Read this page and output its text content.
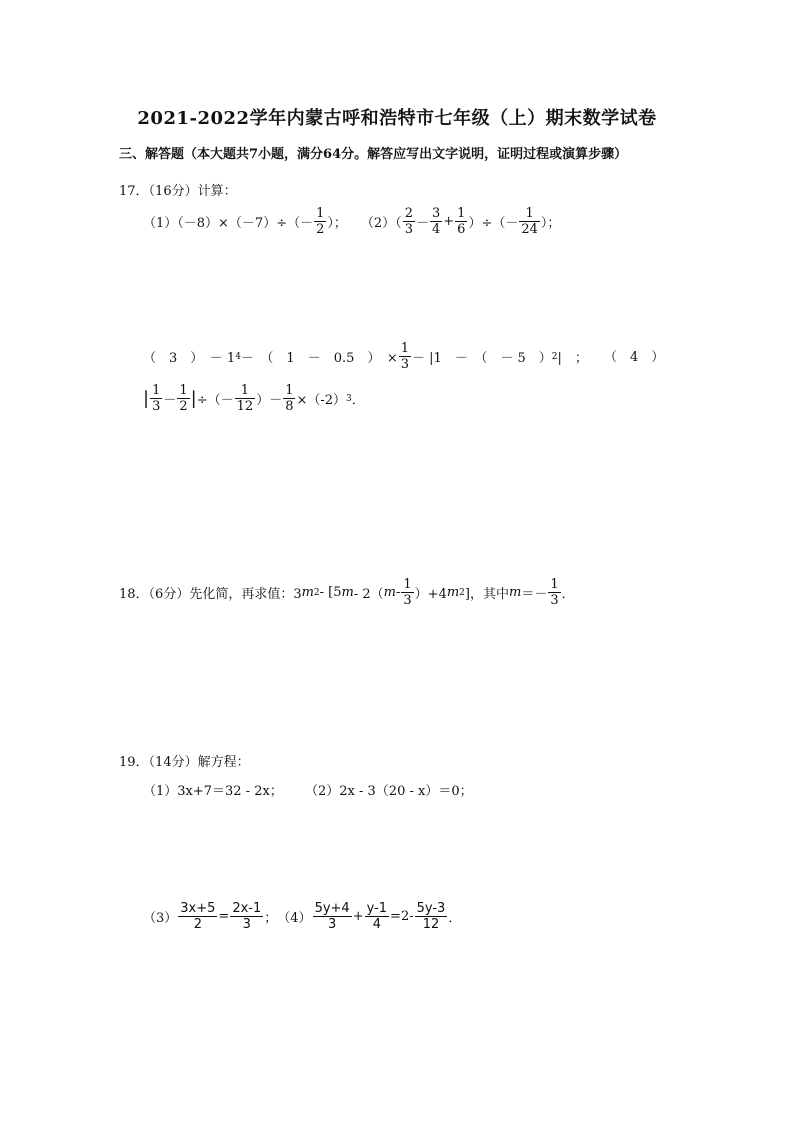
2021-2022学年内蒙古呼和浩特市七年级（上）期末数学试卷
三、解答题（本大题共7小题，满分64分。解答应写出文字说明，证明过程或演算步骤）
17．（16分）计算：
$(1)(-8)\times(-7)\div(- \frac{1}{2}$ ）； $(2)( \frac{2}{3} - \frac{3}{4} + \frac{1}{6}$ ）÷（－ $\frac{1}{24}$ ）；
（　3　）　－ 1 4 －　（　1　－　0.5　）　× $\frac{1}{3} - |1$　－　（　－ 5　） 2 |　； （　4　）
| $\frac{1}{3} - \frac{1}{2}$ | ÷（－ $\frac{1}{12}$ ）－ $\frac{1}{8} \times(-2)$ 3 ．
18．（6分）先化简，再求值：3 m 2 - [5 m - 2（ $m - \frac{1}{3} )+4$ m 2 ]，其中 $m =- \frac{1}{3}$ ．
19．（14分）解方程：
（1）3x+7＝32 - 2x； （2）2x - 3（20 - x）＝0；
$(3) \frac{3x+5}{2} = \frac{2x-1}{3}$ ； $(4) \frac{5y+4}{3} + \frac{y-1}{4} =2- \frac{5y-3}{12}$ ．
